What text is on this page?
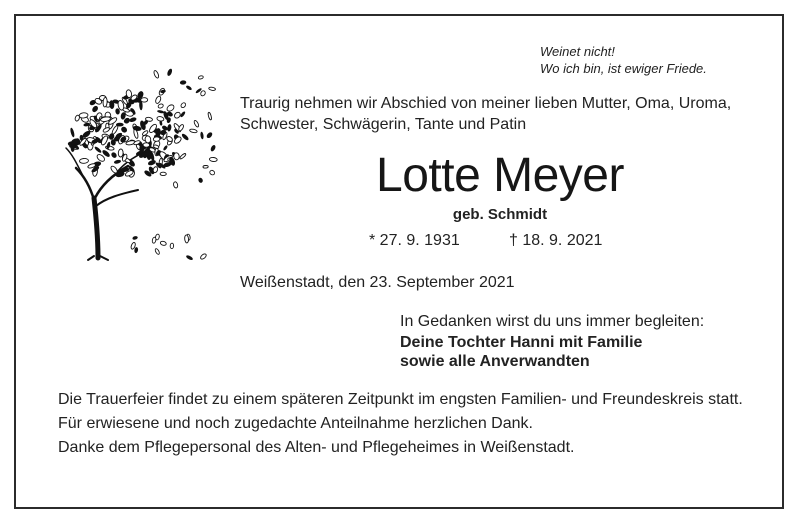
Weinet nicht!
Wo ich bin, ist ewiger Friede.
Traurig nehmen wir Abschied von meiner lieben Mutter, Oma, Uroma, Schwester, Schwägerin, Tante und Patin
Lotte Meyer
geb. Schmidt
* 27. 9. 1931	† 18. 9. 2021
Weißenstadt, den 23. September 2021
In Gedanken wirst du uns immer begleiten:
Deine Tochter Hanni mit Familie
sowie alle Anverwandten

Die Trauerfeier findet zu einem späteren Zeitpunkt im engsten Familien- und Freundeskreis statt.

Für erwiesene und noch zugedachte Anteilnahme herzlichen Dank.

Danke dem Pflegepersonal des Alten- und Pflegeheimes in Weißenstadt.
